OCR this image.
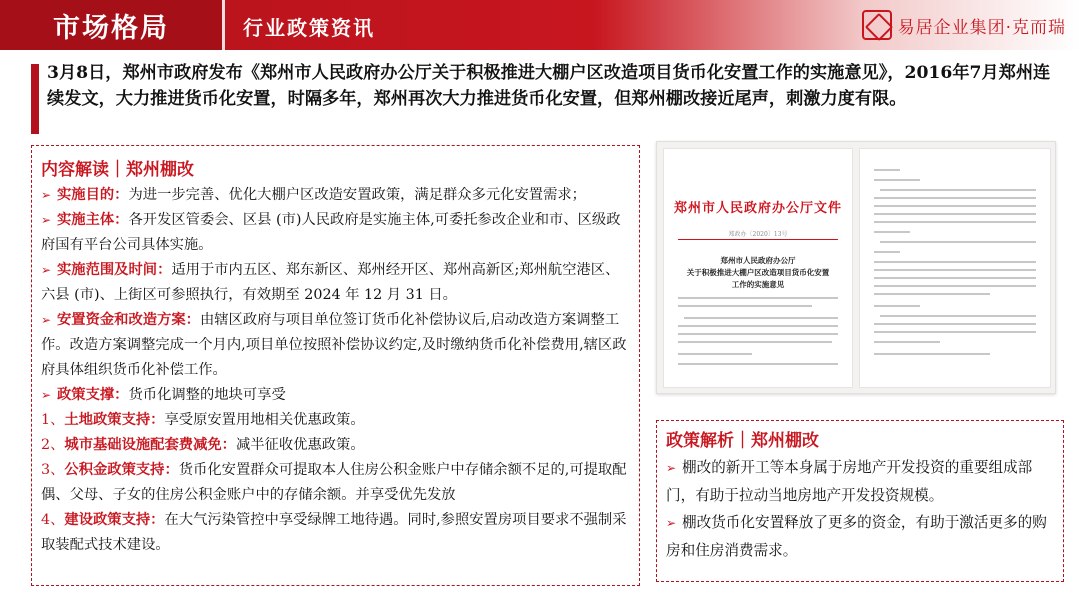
市场格局	行业政策资讯	易居企业集团·克而瑞
3月8日，郑州市政府发布《郑州市人民政府办公厅关于积极推进大棚户区改造项目货币化安置工作的实施意见》，2016年7月郑州连续发文，大力推进货币化安置，时隔多年，郑州再次大力推进货币化安置，但郑州棚改接近尾声，刺激力度有限。
内容解读｜郑州棚改
➢ 实施目的：为进一步完善、优化大棚户区改造安置政策，满足群众多元化安置需求；
➢ 实施主体：各开发区管委会、区县 (市)人民政府是实施主体,可委托参改企业和市、区级政府国有平台公司具体实施。
➢ 实施范围及时间：适用于市内五区、郑东新区、郑州经开区、郑州高新区;郑州航空港区、六县 (市)、上街区可参照执行，有效期至 2024 年 12 月 31 日。
➢ 安置资金和改造方案：由辖区政府与项目单位签订货币化补偿协议后,启动改造方案调整工作。改造方案调整完成一个月内,项目单位按照补偿协议约定,及时缴纳货币化补偿费用,辖区政府具体组织货币化补偿工作。
➢ 政策支撑：货币化调整的地块可享受
1、土地政策支持：享受原安置用地相关优惠政策。
2、城市基础设施配套费减免：减半征收优惠政策。
3、公积金政策支持：货币化安置群众可提取本人住房公积金账户中存储余额不足的,可提取配偶、父母、子女的住房公积金账户中的存储余额。并享受优先发放
4、建设政策支持：在大气污染管控中享受绿牌工地待遇。同时,参照安置房项目要求不强制采取装配式技术建设。
郑州市人民政府办公厅文件
郑政办〔2020〕13号
郑州市人民政府办公厅
关于积极推进大棚户区改造项目货币化安置
工作的实施意见
政策解析｜郑州棚改
➢ 棚改的新开工等本身属于房地产开发投资的重要组成部门，有助于拉动当地房地产开发投资规模。
➢ 棚改货币化安置释放了更多的资金，有助于激活更多的购房和住房消费需求。
